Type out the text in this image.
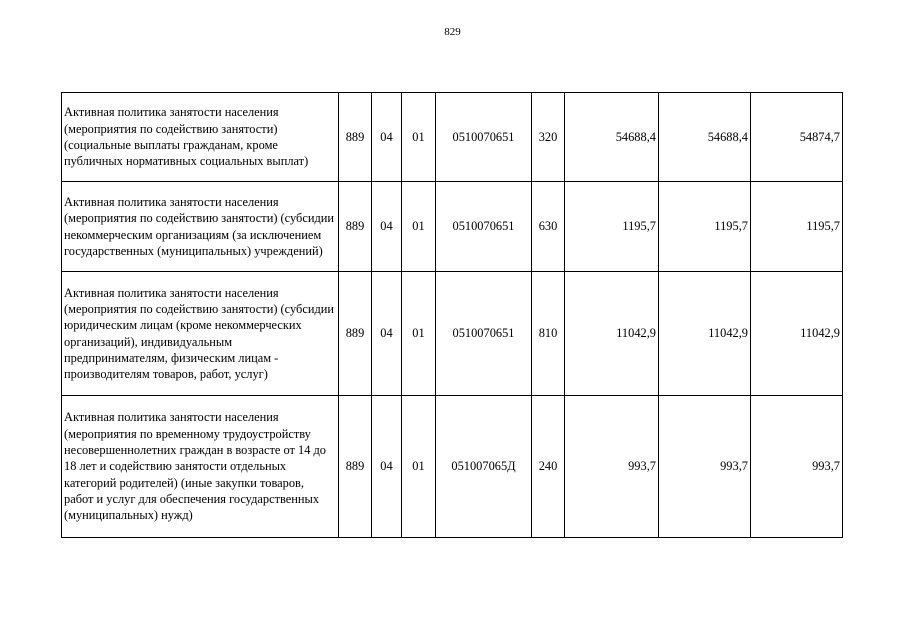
829
Активная политика занятости населения (мероприятия по содействию занятости) (социальные выплаты гражданам, кроме публичных нормативных социальных выплат)	889	04	01	0510070651	320	54688,4	54688,4	54874,7
Активная политика занятости населения (мероприятия по содействию занятости) (субсидии некоммерческим организациям (за исключением государственных (муниципальных) учреждений)	889	04	01	0510070651	630	1195,7	1195,7	1195,7
Активная политика занятости населения (мероприятия по содействию занятости) (субсидии юридическим лицам (кроме некоммерческих организаций), индивидуальным предпринимателям, физическим лицам - производителям товаров, работ, услуг)	889	04	01	0510070651	810	11042,9	11042,9	11042,9
Активная политика занятости населения (мероприятия по временному трудоустройству несовершеннолетних граждан в возрасте от 14 до 18 лет и содействию занятости отдельных категорий родителей) (иные закупки товаров, работ и услуг для обеспечения государственных (муниципальных) нужд)	889	04	01	051007065Д	240	993,7	993,7	993,7
